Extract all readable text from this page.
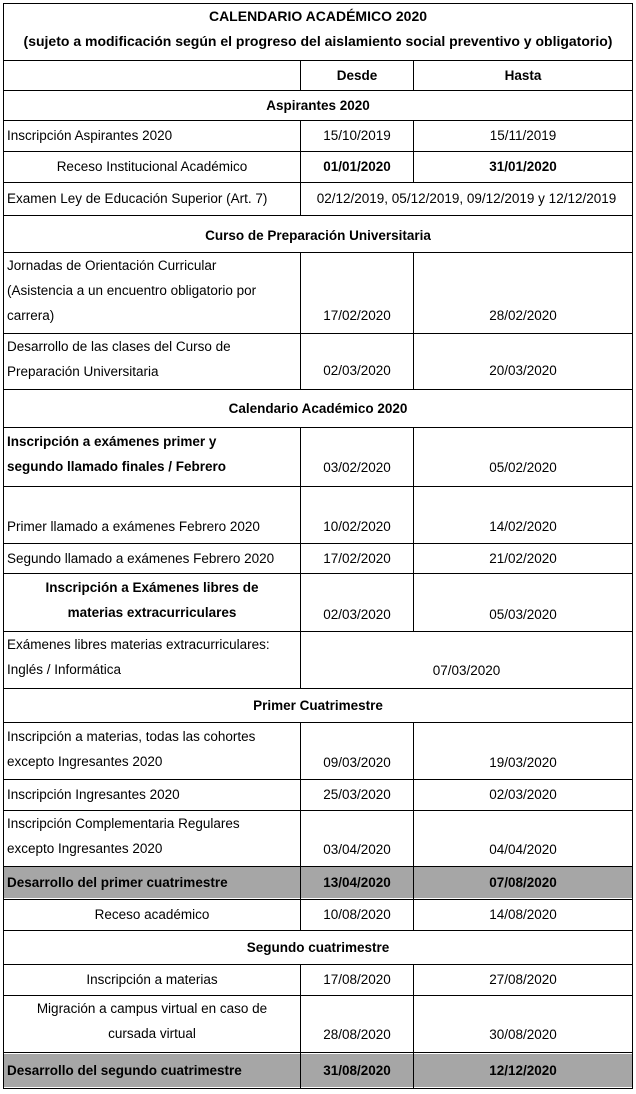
CALENDARIO ACADÉMICO 2020
(sujeto a modificación según el progreso del aislamiento social preventivo y obligatorio)
Desde	Hasta
Aspirantes 2020
Inscripción Aspirantes 2020	15/10/2019	15/11/2019
Receso Institucional Académico	01/01/2020	31/01/2020
Examen Ley de Educación Superior (Art. 7)	02/12/2019, 05/12/2019, 09/12/2019 y 12/12/2019
Curso de Preparación Universitaria
Jornadas de Orientación Curricular
(Asistencia a un encuentro obligatorio por
carrera)	17/02/2020	28/02/2020
Desarrollo de las clases del Curso de
Preparación Universitaria	02/03/2020	20/03/2020
Calendario Académico 2020
Inscripción a exámenes primer y
segundo llamado finales / Febrero	03/02/2020	05/02/2020
Primer llamado a exámenes Febrero 2020	10/02/2020	14/02/2020
Segundo llamado a exámenes Febrero 2020	17/02/2020	21/02/2020
Inscripción a Exámenes libres de
materias extracurriculares	02/03/2020	05/03/2020
Exámenes libres materias extracurriculares:
Inglés / Informática	07/03/2020
Primer Cuatrimestre
Inscripción a materias, todas las cohortes
excepto Ingresantes 2020	09/03/2020	19/03/2020
Inscripción Ingresantes 2020	25/03/2020	02/03/2020
Inscripción Complementaria Regulares
excepto Ingresantes 2020	03/04/2020	04/04/2020
Desarrollo del primer cuatrimestre	13/04/2020	07/08/2020
Receso académico	10/08/2020	14/08/2020
Segundo cuatrimestre
Inscripción a materias	17/08/2020	27/08/2020
Migración a campus virtual en caso de
cursada virtual	28/08/2020	30/08/2020
Desarrollo del segundo cuatrimestre	31/08/2020	12/12/2020
